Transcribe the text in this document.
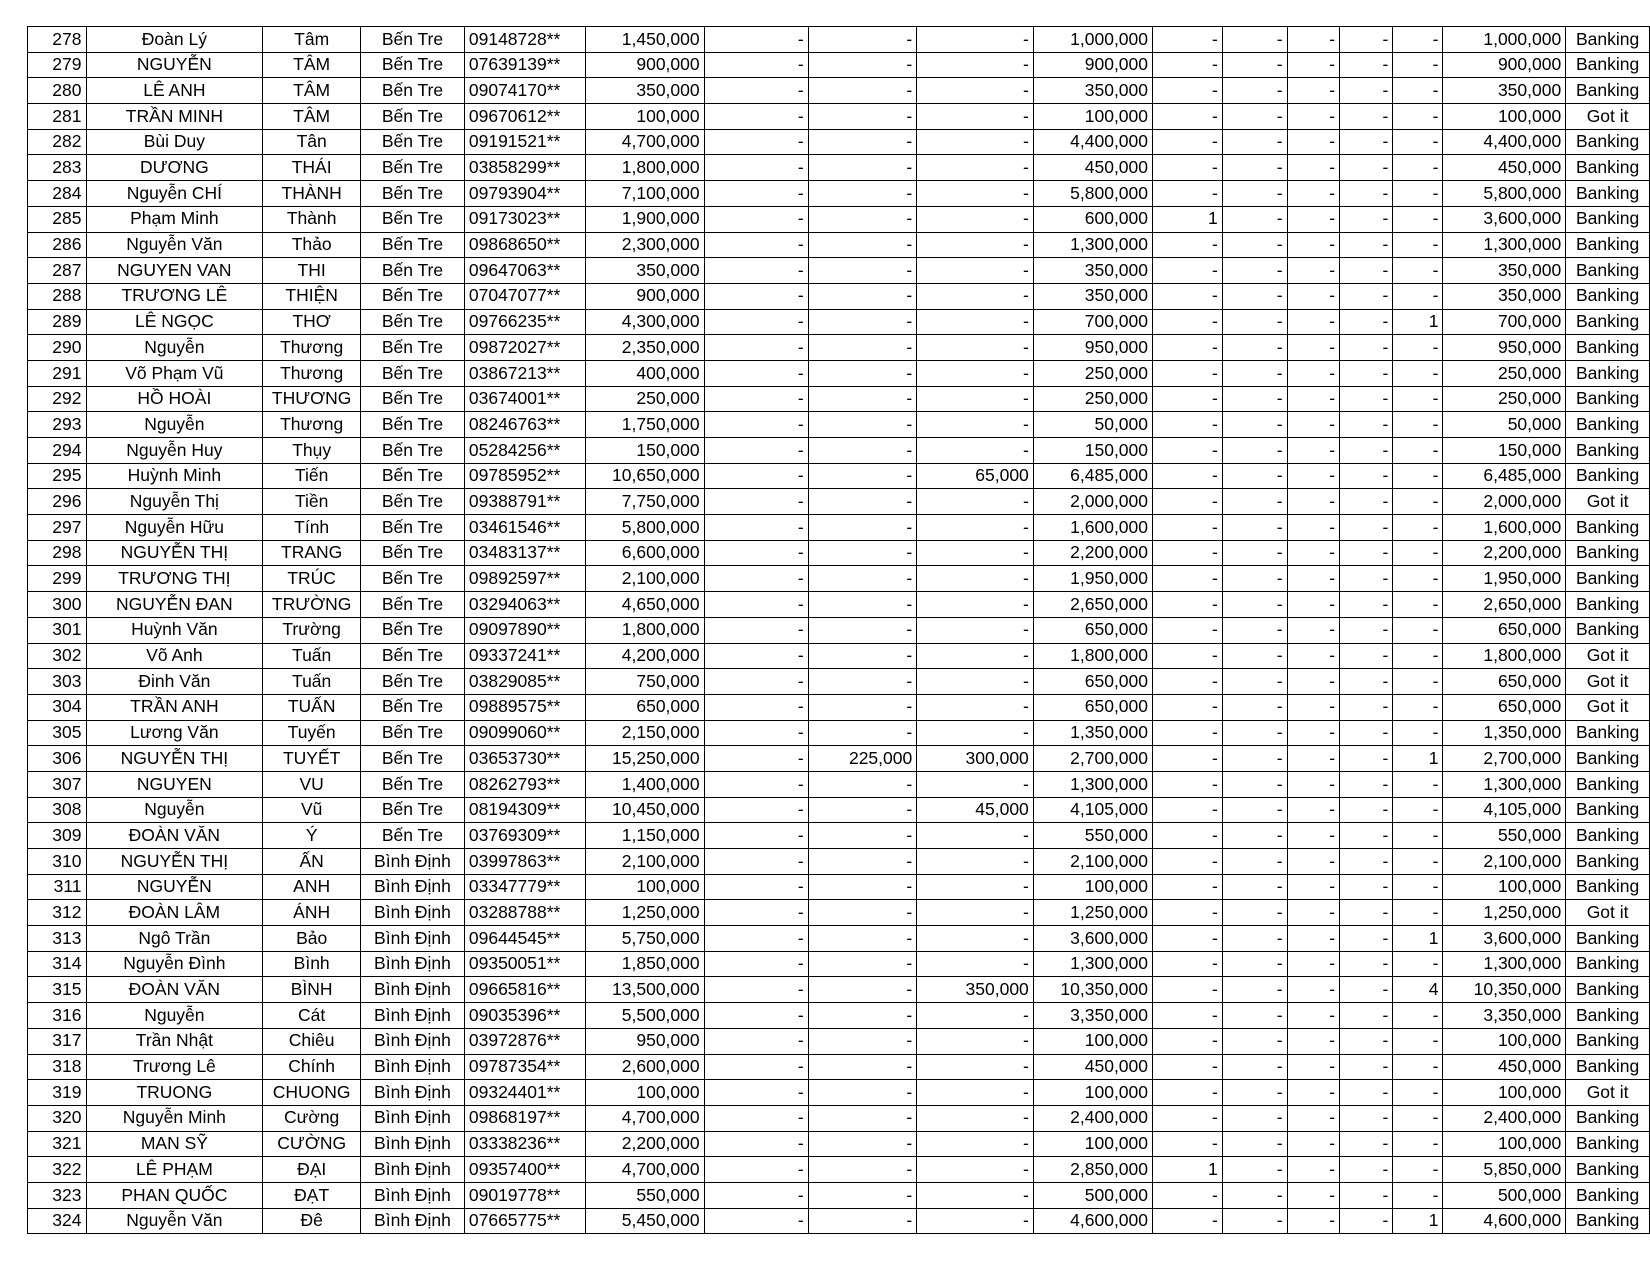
278	Đoàn Lý	Tâm	Bến Tre	09148728**	1,450,000	-	-	-	1,000,000	-	-	-	-	-	1,000,000	Banking
279	NGUYỄN	TÂM	Bến Tre	07639139**	900,000	-	-	-	900,000	-	-	-	-	-	900,000	Banking
280	LÊ ANH	TÂM	Bến Tre	09074170**	350,000	-	-	-	350,000	-	-	-	-	-	350,000	Banking
281	TRẦN MINH	TÂM	Bến Tre	09670612**	100,000	-	-	-	100,000	-	-	-	-	-	100,000	Got it
282	Bùi Duy	Tân	Bến Tre	09191521**	4,700,000	-	-	-	4,400,000	-	-	-	-	-	4,400,000	Banking
283	DƯƠNG	THÁI	Bến Tre	03858299**	1,800,000	-	-	-	450,000	-	-	-	-	-	450,000	Banking
284	Nguyễn CHÍ	THÀNH	Bến Tre	09793904**	7,100,000	-	-	-	5,800,000	-	-	-	-	-	5,800,000	Banking
285	Phạm Minh	Thành	Bến Tre	09173023**	1,900,000	-	-	-	600,000	1	-	-	-	-	3,600,000	Banking
286	Nguyễn Văn	Thảo	Bến Tre	09868650**	2,300,000	-	-	-	1,300,000	-	-	-	-	-	1,300,000	Banking
287	NGUYEN VAN	THI	Bến Tre	09647063**	350,000	-	-	-	350,000	-	-	-	-	-	350,000	Banking
288	TRƯƠNG LÊ	THIỆN	Bến Tre	07047077**	900,000	-	-	-	350,000	-	-	-	-	-	350,000	Banking
289	LÊ NGỌC	THƠ	Bến Tre	09766235**	4,300,000	-	-	-	700,000	-	-	-	-	1	700,000	Banking
290	Nguyễn	Thương	Bến Tre	09872027**	2,350,000	-	-	-	950,000	-	-	-	-	-	950,000	Banking
291	Võ Phạm Vũ	Thương	Bến Tre	03867213**	400,000	-	-	-	250,000	-	-	-	-	-	250,000	Banking
292	HỒ HOÀI	THƯƠNG	Bến Tre	03674001**	250,000	-	-	-	250,000	-	-	-	-	-	250,000	Banking
293	Nguyễn	Thương	Bến Tre	08246763**	1,750,000	-	-	-	50,000	-	-	-	-	-	50,000	Banking
294	Nguyễn Huy	Thụy	Bến Tre	05284256**	150,000	-	-	-	150,000	-	-	-	-	-	150,000	Banking
295	Huỳnh Minh	Tiến	Bến Tre	09785952**	10,650,000	-	-	65,000	6,485,000	-	-	-	-	-	6,485,000	Banking
296	Nguyễn Thị	Tiền	Bến Tre	09388791**	7,750,000	-	-	-	2,000,000	-	-	-	-	-	2,000,000	Got it
297	Nguyễn Hữu	Tính	Bến Tre	03461546**	5,800,000	-	-	-	1,600,000	-	-	-	-	-	1,600,000	Banking
298	NGUYỄN THỊ	TRANG	Bến Tre	03483137**	6,600,000	-	-	-	2,200,000	-	-	-	-	-	2,200,000	Banking
299	TRƯƠNG THỊ	TRÚC	Bến Tre	09892597**	2,100,000	-	-	-	1,950,000	-	-	-	-	-	1,950,000	Banking
300	NGUYỄN ĐAN	TRƯỜNG	Bến Tre	03294063**	4,650,000	-	-	-	2,650,000	-	-	-	-	-	2,650,000	Banking
301	Huỳnh Văn	Trường	Bến Tre	09097890**	1,800,000	-	-	-	650,000	-	-	-	-	-	650,000	Banking
302	Võ Anh	Tuấn	Bến Tre	09337241**	4,200,000	-	-	-	1,800,000	-	-	-	-	-	1,800,000	Got it
303	Đinh Văn	Tuấn	Bến Tre	03829085**	750,000	-	-	-	650,000	-	-	-	-	-	650,000	Got it
304	TRẦN ANH	TUẤN	Bến Tre	09889575**	650,000	-	-	-	650,000	-	-	-	-	-	650,000	Got it
305	Lương Văn	Tuyến	Bến Tre	09099060**	2,150,000	-	-	-	1,350,000	-	-	-	-	-	1,350,000	Banking
306	NGUYỄN THỊ	TUYẾT	Bến Tre	03653730**	15,250,000	-	225,000	300,000	2,700,000	-	-	-	-	1	2,700,000	Banking
307	NGUYEN	VU	Bến Tre	08262793**	1,400,000	-	-	-	1,300,000	-	-	-	-	-	1,300,000	Banking
308	Nguyễn	Vũ	Bến Tre	08194309**	10,450,000	-	-	45,000	4,105,000	-	-	-	-	-	4,105,000	Banking
309	ĐOÀN VĂN	Ý	Bến Tre	03769309**	1,150,000	-	-	-	550,000	-	-	-	-	-	550,000	Banking
310	NGUYỄN THỊ	ẤN	Bình Định	03997863**	2,100,000	-	-	-	2,100,000	-	-	-	-	-	2,100,000	Banking
311	NGUYỄN	ANH	Bình Định	03347779**	100,000	-	-	-	100,000	-	-	-	-	-	100,000	Banking
312	ĐOÀN LÂM	ÁNH	Bình Định	03288788**	1,250,000	-	-	-	1,250,000	-	-	-	-	-	1,250,000	Got it
313	Ngô Trần	Bảo	Bình Định	09644545**	5,750,000	-	-	-	3,600,000	-	-	-	-	1	3,600,000	Banking
314	Nguyễn Đình	Bình	Bình Định	09350051**	1,850,000	-	-	-	1,300,000	-	-	-	-	-	1,300,000	Banking
315	ĐOÀN VĂN	BÌNH	Bình Định	09665816**	13,500,000	-	-	350,000	10,350,000	-	-	-	-	4	10,350,000	Banking
316	Nguyễn	Cát	Bình Định	09035396**	5,500,000	-	-	-	3,350,000	-	-	-	-	-	3,350,000	Banking
317	Trần Nhật	Chiêu	Bình Định	03972876**	950,000	-	-	-	100,000	-	-	-	-	-	100,000	Banking
318	Trương Lê	Chính	Bình Định	09787354**	2,600,000	-	-	-	450,000	-	-	-	-	-	450,000	Banking
319	TRUONG	CHUONG	Bình Định	09324401**	100,000	-	-	-	100,000	-	-	-	-	-	100,000	Got it
320	Nguyễn Minh	Cường	Bình Định	09868197**	4,700,000	-	-	-	2,400,000	-	-	-	-	-	2,400,000	Banking
321	MAN SỸ	CƯỜNG	Bình Định	03338236**	2,200,000	-	-	-	100,000	-	-	-	-	-	100,000	Banking
322	LÊ PHẠM	ĐẠI	Bình Định	09357400**	4,700,000	-	-	-	2,850,000	1	-	-	-	-	5,850,000	Banking
323	PHAN QUỐC	ĐẠT	Bình Định	09019778**	550,000	-	-	-	500,000	-	-	-	-	-	500,000	Banking
324	Nguyễn Văn	Đê	Bình Định	07665775**	5,450,000	-	-	-	4,600,000	-	-	-	-	1	4,600,000	Banking
